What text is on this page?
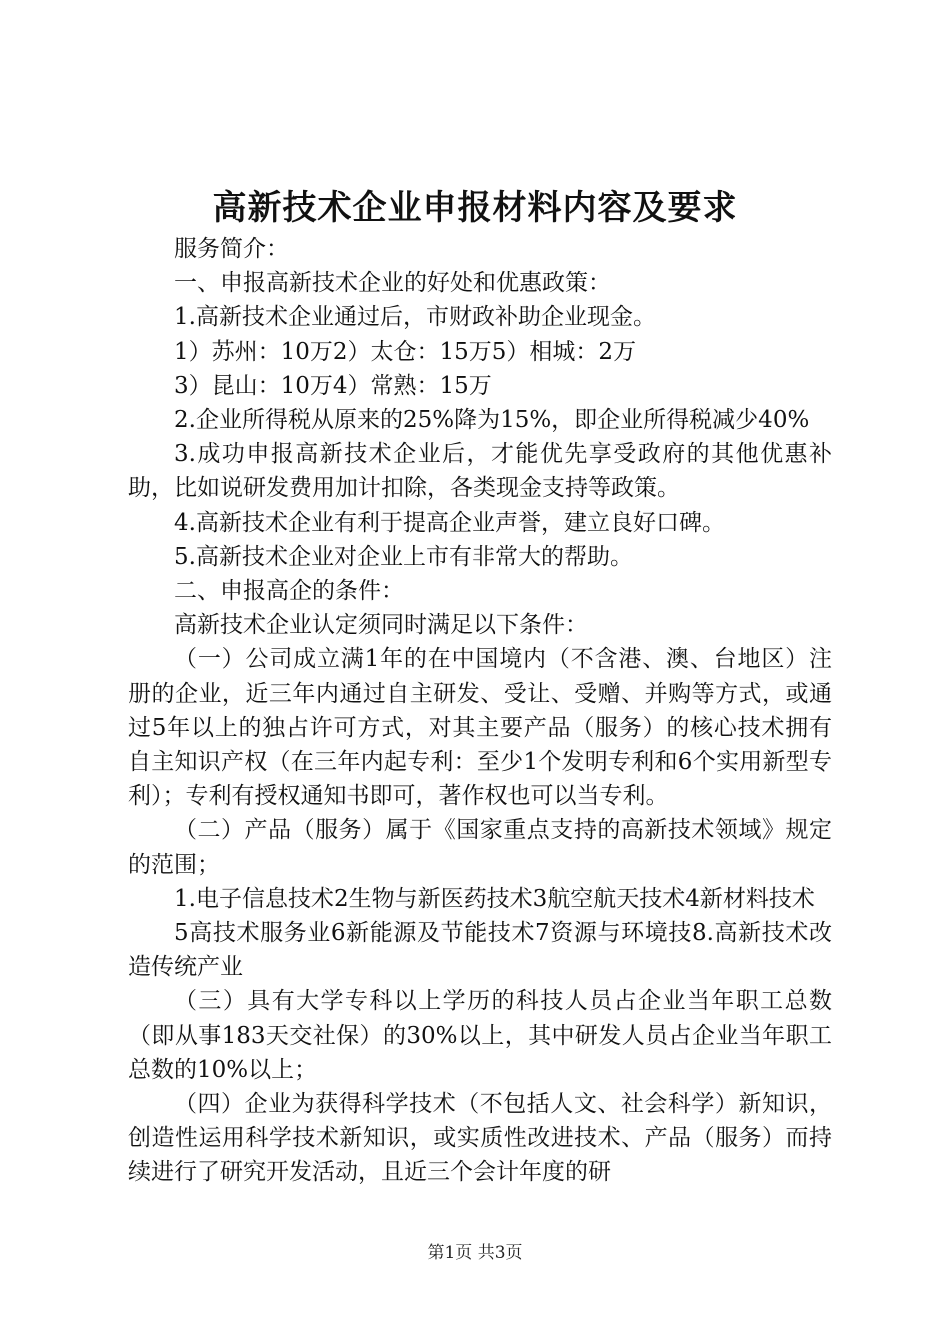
高新技术企业申报材料内容及要求

服务简介：

一、申报高新技术企业的好处和优惠政策：

1.高新技术企业通过后，市财政补助企业现金。

1）苏州：10万2）太仓：15万5）相城：2万

3）昆山：10万4）常熟：15万

2.企业所得税从原来的25%降为15%，即企业所得税减少40%

3.成功申报高新技术企业后，才能优先享受政府的其他优惠补助，比如说研发费用加计扣除，各类现金支持等政策。

4.高新技术企业有利于提高企业声誉，建立良好口碑。

5.高新技术企业对企业上市有非常大的帮助。

二、申报高企的条件：

高新技术企业认定须同时满足以下条件：

（一）公司成立满1年的在中国境内（不含港、澳、台地区）注册的企业，近三年内通过自主研发、受让、受赠、并购等方式，或通过5年以上的独占许可方式，对其主要产品（服务）的核心技术拥有自主知识产权（在三年内起专利：至少1个发明专利和6个实用新型专利）；专利有授权通知书即可，著作权也可以当专利。

（二）产品（服务）属于《国家重点支持的高新技术领域》规定的范围；

1.电子信息技术2生物与新医药技术3航空航天技术4新材料技术

5高技术服务业6新能源及节能技术7资源与环境技8.高新技术改造传统产业

（三）具有大学专科以上学历的科技人员占企业当年职工总数（即从事183天交社保）的30%以上，其中研发人员占企业当年职工总数的10%以上；

（四）企业为获得科学技术（不包括人文、社会科学）新知识，创造性运用科学技术新知识，或实质性改进技术、产品（服务）而持续进行了研究开发活动，且近三个会计年度的研

第1页 共3页
